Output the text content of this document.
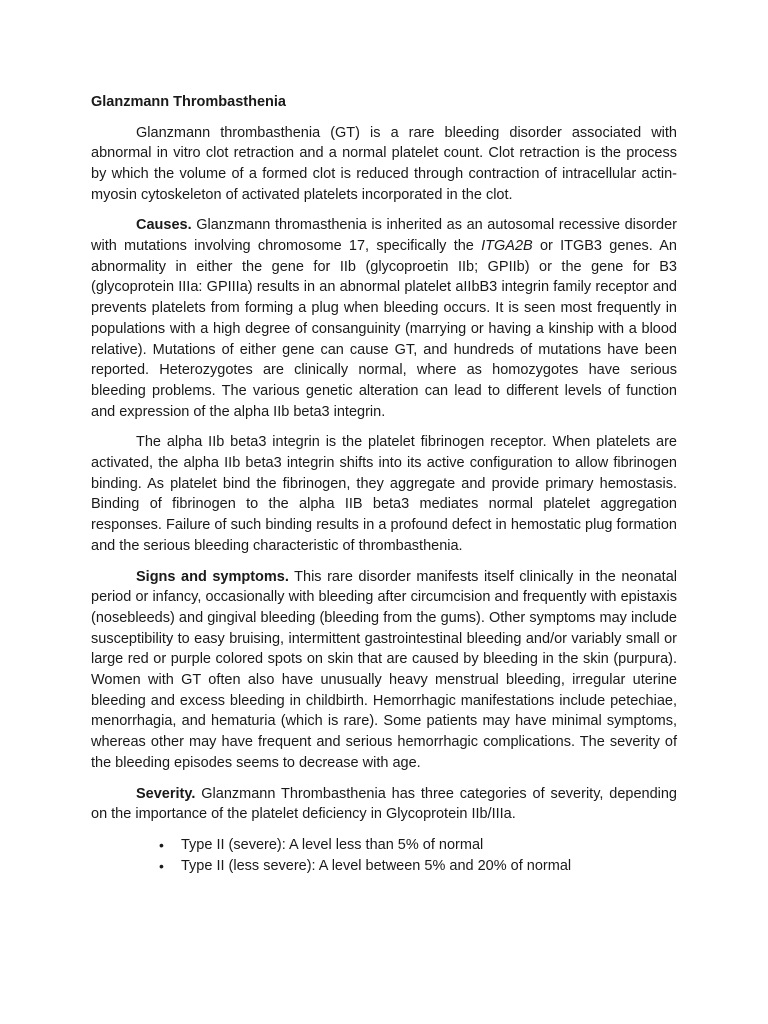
Glanzmann Thrombasthenia

Glanzmann thrombasthenia (GT) is a rare bleeding disorder associated with abnormal in vitro clot retraction and a normal platelet count. Clot retraction is the process by which the volume of a formed clot is reduced through contraction of intracellular actin-myosin cytoskeleton of activated platelets incorporated in the clot.

Causes. Glanzmann thromasthenia is inherited as an autosomal recessive disorder with mutations involving chromosome 17, specifically the ITGA2B or ITGB3 genes. An abnormality in either the gene for IIb (glycoproetin IIb; GPIIb) or the gene for B3 (glycoprotein IIIa: GPIIIa) results in an abnormal platelet aIIbB3 integrin family receptor and prevents platelets from forming a plug when bleeding occurs. It is seen most frequently in populations with a high degree of consanguinity (marrying or having a kinship with a blood relative). Mutations of either gene can cause GT, and hundreds of mutations have been reported. Heterozygotes are clinically normal, where as homozygotes have serious bleeding problems. The various genetic alteration can lead to different levels of function and expression of the alpha IIb beta3 integrin.

The alpha IIb beta3 integrin is the platelet fibrinogen receptor. When platelets are activated, the alpha IIb beta3 integrin shifts into its active configuration to allow fibrinogen binding. As platelet bind the fibrinogen, they aggregate and provide primary hemostasis. Binding of fibrinogen to the alpha IIB beta3 mediates normal platelet aggregation responses. Failure of such binding results in a profound defect in hemostatic plug formation and the serious bleeding characteristic of thrombasthenia.

Signs and symptoms. This rare disorder manifests itself clinically in the neonatal period or infancy, occasionally with bleeding after circumcision and frequently with epistaxis (nosebleeds) and gingival bleeding (bleeding from the gums). Other symptoms may include susceptibility to easy bruising, intermittent gastrointestinal bleeding and/or variably small or large red or purple colored spots on skin that are caused by bleeding in the skin (purpura). Women with GT often also have unusually heavy menstrual bleeding, irregular uterine bleeding and excess bleeding in childbirth. Hemorrhagic manifestations include petechiae, menorrhagia, and hematuria (which is rare). Some patients may have minimal symptoms, whereas other may have frequent and serious hemorrhagic complications. The severity of the bleeding episodes seems to decrease with age.

Severity. Glanzmann Thrombasthenia has three categories of severity, depending on the importance of the platelet deficiency in Glycoprotein IIb/IIIa.

• Type II (severe): A level less than 5% of normal
• Type II (less severe): A level between 5% and 20% of normal
